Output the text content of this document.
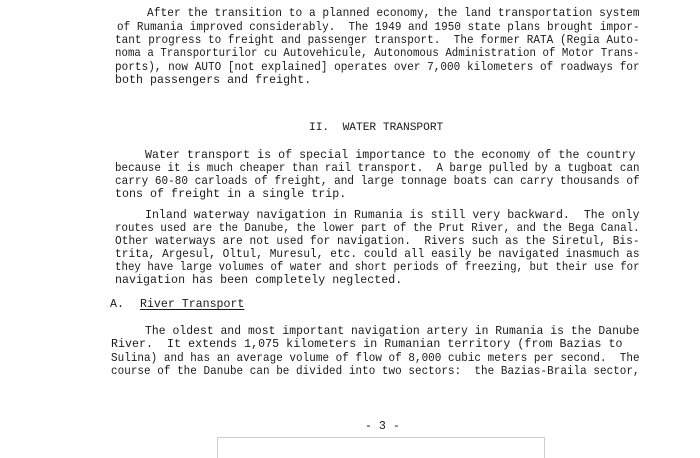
After the transition to a planned economy, the land transportation system
of Rumania improved considerably.  The 1949 and 1950 state plans brought impor-
tant progress to freight and passenger transport.  The former RATA (Regia Auto-
noma a Transporturilor cu Autovehicule, Autonomous Administration of Motor Trans-
ports), now AUTO [not explained] operates over 7,000 kilometers of roadways for
both passengers and freight.
II.  WATER TRANSPORT
Water transport is of special importance to the economy of the country
because it is much cheaper than rail transport.  A barge pulled by a tugboat can
carry 60-80 carloads of freight, and large tonnage boats can carry thousands of
tons of freight in a single trip.
Inland waterway navigation in Rumania is still very backward.  The only
routes used are the Danube, the lower part of the Prut River, and the Bega Canal.
Other waterways are not used for navigation.  Rivers such as the Siretul, Bis-
trita, Argesul, Oltul, Muresul, etc. could all easily be navigated inasmuch as
they have large volumes of water and short periods of freezing, but their use for
navigation has been completely neglected.
A. River Transport
The oldest and most important navigation artery in Rumania is the Danube
River.  It extends 1,075 kilometers in Rumanian territory (from Bazias to
Sulina) and has an average volume of flow of 8,000 cubic meters per second.  The
course of the Danube can be divided into two sectors:  the Bazias-Braila sector,
- 3 -
